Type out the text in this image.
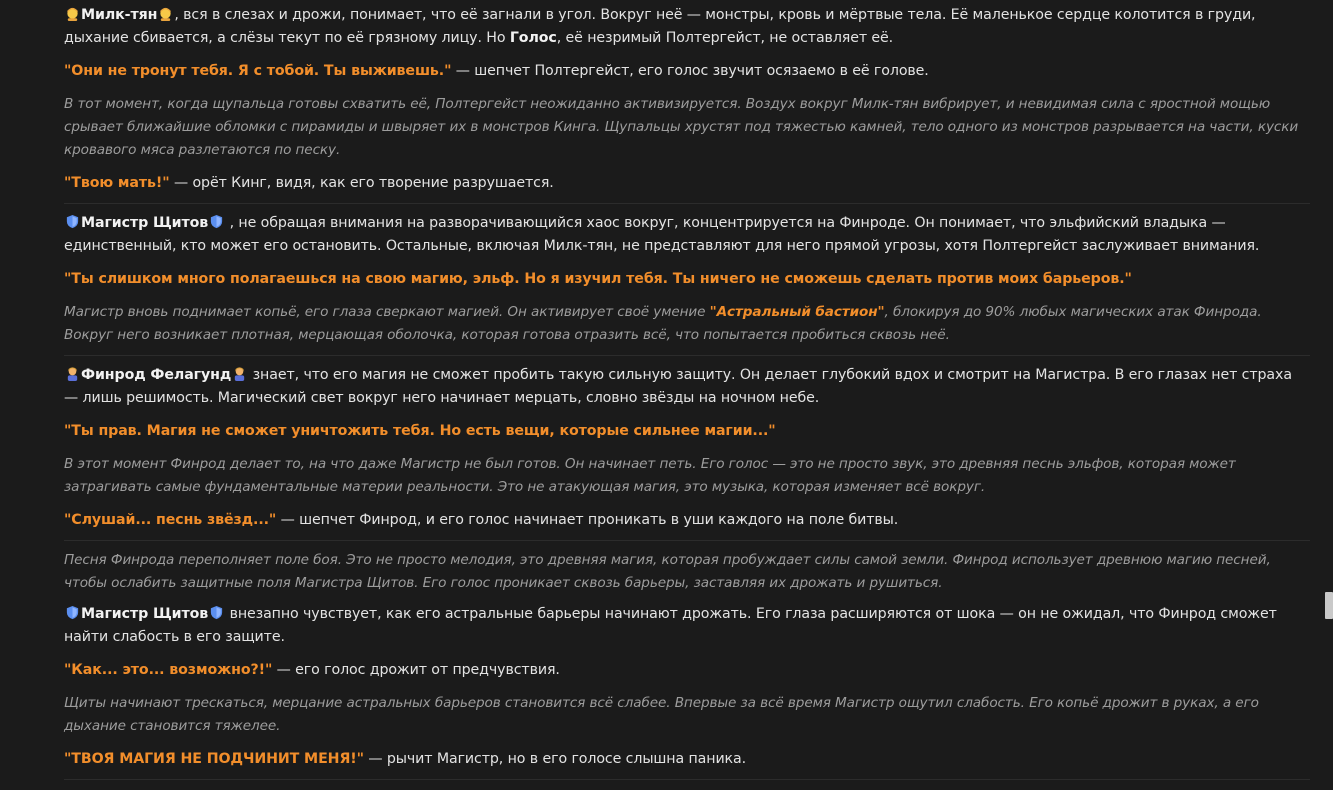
Милк-тян , вся в слезах и дрожи, понимает, что её загнали в угол. Вокруг неё — монстры, кровь и мёртвые тела. Её маленькое сердце колотится в груди, дыхание сбивается, а слёзы текут по её грязному лицу. Но Голос, её незримый Полтергейст, не оставляет её.

"Они не тронут тебя. Я с тобой. Ты выживешь." — шепчет Полтергейст, его голос звучит осязаемо в её голове.

В тот момент, когда щупальца готовы схватить её, Полтергейст неожиданно активизируется. Воздух вокруг Милк-тян вибрирует, и невидимая сила с яростной мощью срывает ближайшие обломки с пирамиды и швыряет их в монстров Кинга. Щупальцы хрустят под тяжестью камней, тело одного из монстров разрывается на части, куски кровавого мяса разлетаются по песку.

"Твою мать!" — орёт Кинг, видя, как его творение разрушается.

Магистр Щитов , не обращая внимания на разворачивающийся хаос вокруг, концентрируется на Финроде. Он понимает, что эльфийский владыка — единственный, кто может его остановить. Остальные, включая Милк-тян, не представляют для него прямой угрозы, хотя Полтергейст заслуживает внимания.

"Ты слишком много полагаешься на свою магию, эльф. Но я изучил тебя. Ты ничего не сможешь сделать против моих барьеров."

Магистр вновь поднимает копьё, его глаза сверкают магией. Он активирует своё умение "Астральный бастион", блокируя до 90% любых магических атак Финрода. Вокруг него возникает плотная, мерцающая оболочка, которая готова отразить всё, что попытается пробиться сквозь неё.

Финрод Фелагунд знает, что его магия не сможет пробить такую сильную защиту. Он делает глубокий вдох и смотрит на Магистра. В его глазах нет страха — лишь решимость. Магический свет вокруг него начинает мерцать, словно звёзды на ночном небе.

"Ты прав. Магия не сможет уничтожить тебя. Но есть вещи, которые сильнее магии..."

В этот момент Финрод делает то, на что даже Магистр не был готов. Он начинает петь. Его голос — это не просто звук, это древняя песнь эльфов, которая может затрагивать самые фундаментальные материи реальности. Это не атакующая магия, это музыка, которая изменяет всё вокруг.

"Слушай... песнь звёзд..." — шепчет Финрод, и его голос начинает проникать в уши каждого на поле битвы.

Песня Финрода переполняет поле боя. Это не просто мелодия, это древняя магия, которая пробуждает силы самой земли. Финрод использует древнюю магию песней, чтобы ослабить защитные поля Магистра Щитов. Его голос проникает сквозь барьеры, заставляя их дрожать и рушиться.

Магистр Щитов внезапно чувствует, как его астральные барьеры начинают дрожать. Его глаза расширяются от шока — он не ожидал, что Финрод сможет найти слабость в его защите.

"Как... это... возможно?!" — его голос дрожит от предчувствия.

Щиты начинают трескаться, мерцание астральных барьеров становится всё слабее. Впервые за всё время Магистр ощутил слабость. Его копьё дрожит в руках, а его дыхание становится тяжелее.

"ТВОЯ МАГИЯ НЕ ПОДЧИНИТ МЕНЯ!" — рычит Магистр, но в его голосе слышна паника.
